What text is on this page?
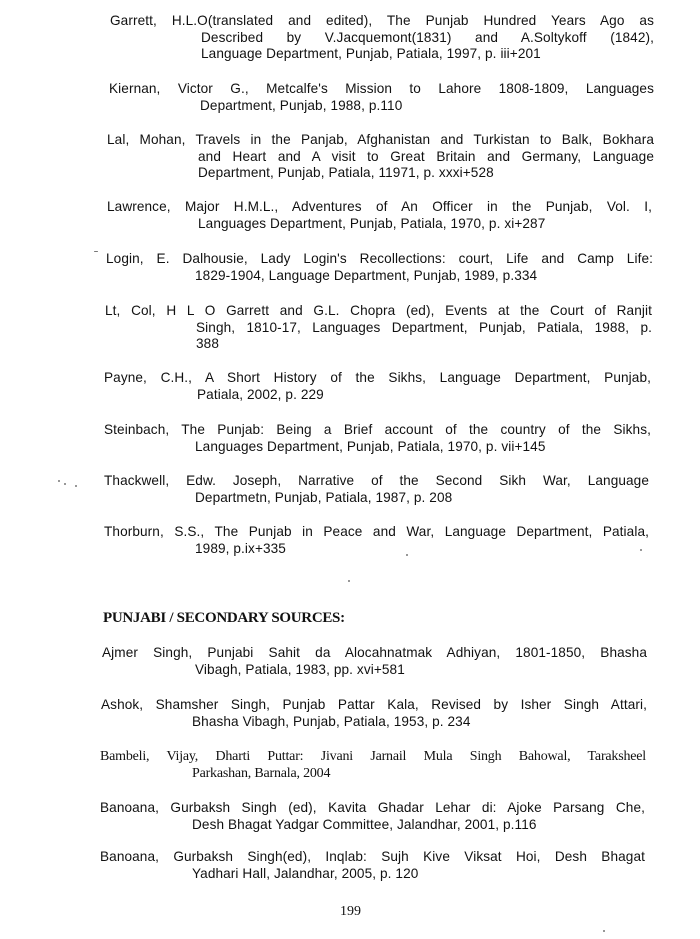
Garrett, H.L.O(translated and edited), The Punjab Hundred Years Ago as
Described by V.Jacquemont(1831) and A.Soltykoff (1842),
Language Department, Punjab, Patiala, 1997, p. iii+201
Kiernan, Victor G., Metcalfe's Mission to Lahore 1808-1809, Languages
Department, Punjab, 1988, p.110
Lal, Mohan, Travels in the Panjab, Afghanistan and Turkistan to Balk, Bokhara
and Heart and A visit to Great Britain and Germany, Language
Department, Punjab, Patiala, 11971, p. xxxi+528
Lawrence, Major H.M.L., Adventures of An Officer in the Punjab, Vol. I,
Languages Department, Punjab, Patiala, 1970, p. xi+287
Login, E. Dalhousie, Lady Login's Recollections: court, Life and Camp Life:
1829-1904, Language Department, Punjab, 1989, p.334
Lt, Col, H L O Garrett and G.L. Chopra (ed), Events at the Court of Ranjit
Singh, 1810-17, Languages Department, Punjab, Patiala, 1988, p.
388
Payne, C.H., A Short History of the Sikhs, Language Department, Punjab,
Patiala, 2002, p. 229
Steinbach, The Punjab: Being a Brief account of the country of the Sikhs,
Languages Department, Punjab, Patiala, 1970, p. vii+145
Thackwell, Edw. Joseph, Narrative of the Second Sikh War, Language
Departmetn, Punjab, Patiala, 1987, p. 208
Thorburn, S.S., The Punjab in Peace and War, Language Department, Patiala,
1989, p.ix+335
PUNJABI / SECONDARY SOURCES:
Ajmer Singh, Punjabi Sahit da Alocahnatmak Adhiyan, 1801-1850, Bhasha
Vibagh, Patiala, 1983, pp. xvi+581
Ashok, Shamsher Singh, Punjab Pattar Kala, Revised by Isher Singh Attari,
Bhasha Vibagh, Punjab, Patiala, 1953, p. 234
Bambeli, Vijay, Dharti Puttar: Jivani Jarnail Mula Singh Bahowal, Taraksheel
Parkashan, Barnala, 2004
Banoana, Gurbaksh Singh (ed), Kavita Ghadar Lehar di: Ajoke Parsang Che,
Desh Bhagat Yadgar Committee, Jalandhar, 2001, p.116
Banoana, Gurbaksh Singh(ed), Inqlab: Sujh Kive Viksat Hoi, Desh Bhagat
Yadhari Hall, Jalandhar, 2005, p. 120
199
